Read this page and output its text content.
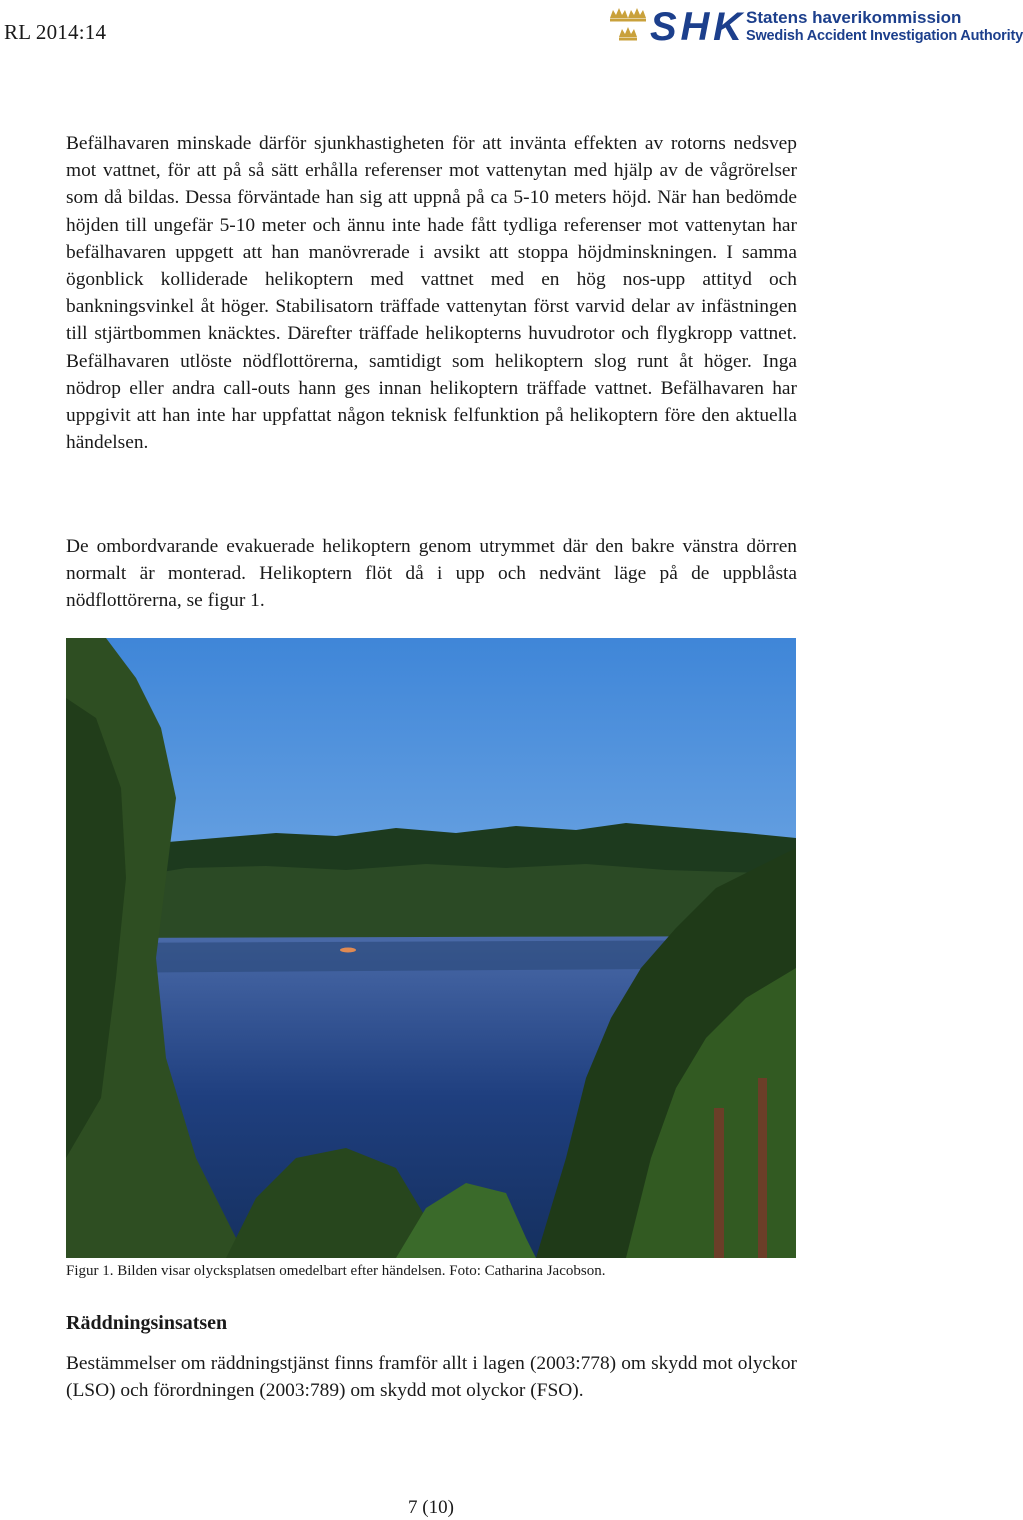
RL 2014:14	SHK Statens haverikommission
Swedish Accident Investigation Authority

Befälhavaren minskade därför sjunkhastigheten för att invänta effekten av rotorns nedsvep mot vattnet, för att på så sätt erhålla referenser mot vattenytan med hjälp av de vågrörelser som då bildas. Dessa förväntade han sig att uppnå på ca 5-10 meters höjd. När han bedömde höjden till ungefär 5-10 meter och ännu inte hade fått tydliga referenser mot vattenytan har befälhavaren uppgett att han manövrerade i avsikt att stoppa höjdminskningen. I samma ögonblick kolliderade helikoptern med vattnet med en hög nos-upp attityd och bankningsvinkel åt höger. Stabilisatorn träffade vattenytan först varvid delar av infästningen till stjärtbommen knäcktes. Därefter träffade helikopterns huvudrotor och flygkropp vattnet. Befälhavaren utlöste nödflottörerna, samtidigt som helikoptern slog runt åt höger. Inga nödrop eller andra call-outs hann ges innan helikoptern träffade vattnet. Befälhavaren har uppgivit att han inte har uppfattat någon teknisk felfunktion på helikoptern före den aktuella händelsen.

De ombordvarande evakuerade helikoptern genom utrymmet där den bakre vänstra dörren normalt är monterad. Helikoptern flöt då i upp och nedvänt läge på de uppblåsta nödflottörerna, se figur 1.

Figur 1. Bilden visar olycksplatsen omedelbart efter händelsen. Foto: Catharina Jacobson.
Räddningsinsatsen

Bestämmelser om räddningstjänst finns framför allt i lagen (2003:778) om skydd mot olyckor (LSO) och förordningen (2003:789) om skydd mot olyckor (FSO).

7 (10)
